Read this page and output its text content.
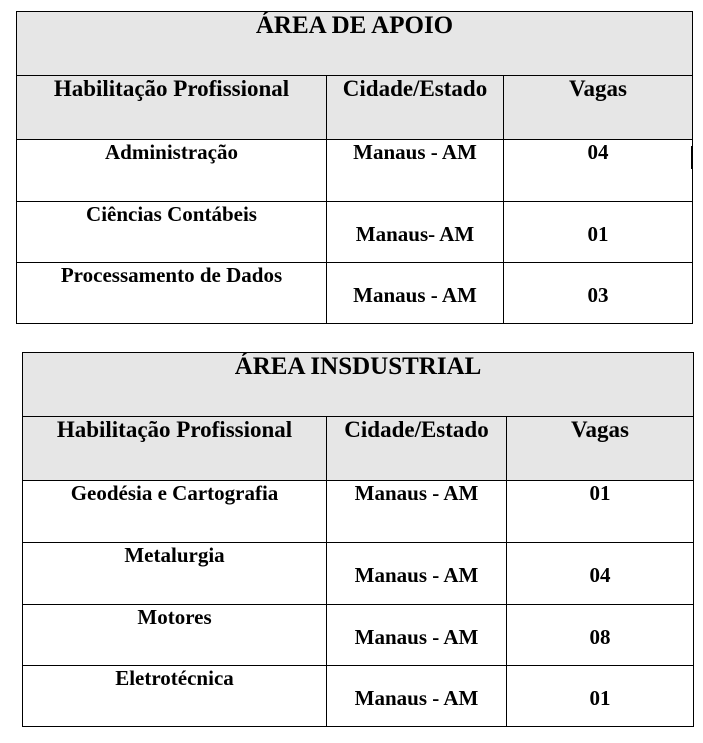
ÁREA DE APOIO		
Habilitação Profissional	Cidade/Estado	Vagas
Administração	Manaus - AM	04
Ciências Contábeis	Manaus- AM	01
Processamento de Dados	Manaus - AM	03
ÁREA INSDUSTRIAL		
Habilitação Profissional	Cidade/Estado	Vagas
Geodésia e Cartografia	Manaus - AM	01
Metalurgia	Manaus - AM	04
Motores	Manaus - AM	08
Eletrotécnica	Manaus - AM	01
